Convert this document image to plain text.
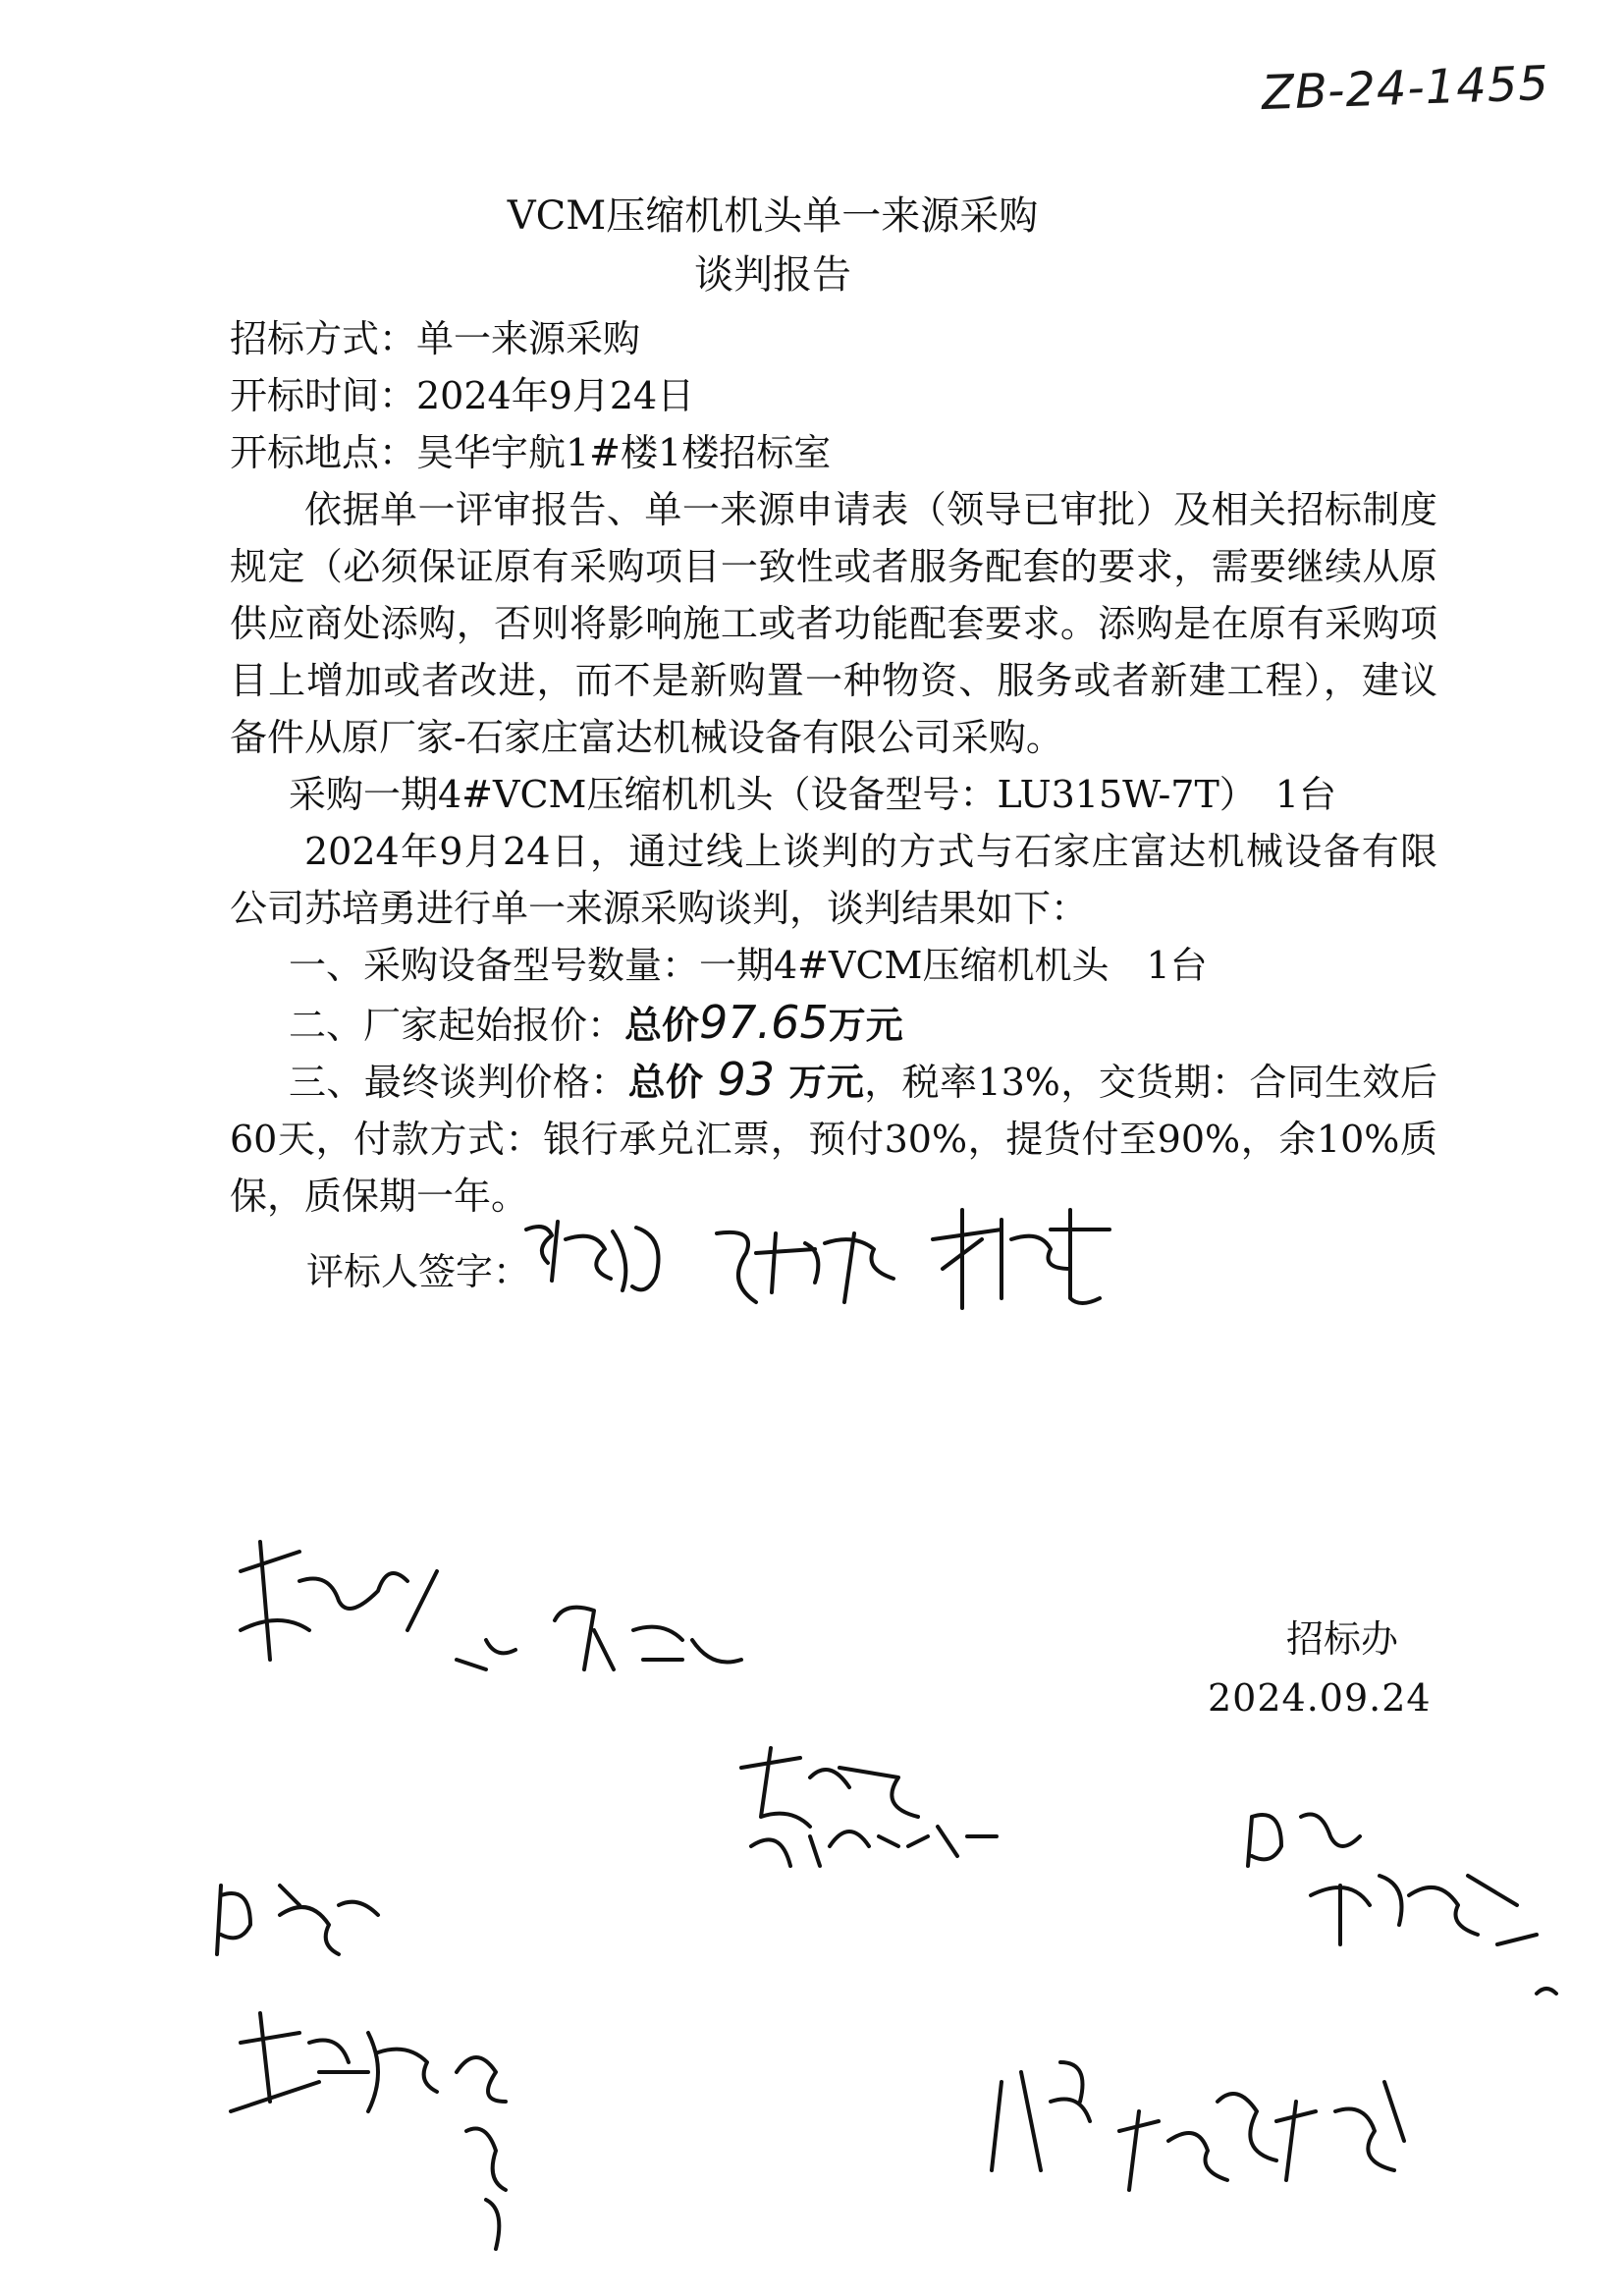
ZB-24-1455
VCM压缩机机头单一来源采购
谈判报告
招标方式：单一来源采购
开标时间：2024年9月24日
开标地点：昊华宇航1#楼1楼招标室
依据单一评审报告、单一来源申请表（领导已审批）及相关招标制度规定（必须保证原有采购项目一致性或者服务配套的要求，需要继续从原供应商处添购，否则将影响施工或者功能配套要求。添购是在原有采购项目上增加或者改进，而不是新购置一种物资、服务或者新建工程），建议备件从原厂家-石家庄富达机械设备有限公司采购。
采购一期4#VCM压缩机机头（设备型号：LU315W-7T）　1台
2024年9月24日，通过线上谈判的方式与石家庄富达机械设备有限公司苏培勇进行单一来源采购谈判，谈判结果如下：
一、采购设备型号数量：一期4#VCM压缩机机头　1台
二、厂家起始报价：总价97.65万元
三、最终谈判价格：总价 93 万元，税率13%，交货期：合同生效后60天，付款方式：银行承兑汇票，预付30%，提货付至90%，余10%质保，质保期一年。
评标人签字：
招标办
2024.09.24
